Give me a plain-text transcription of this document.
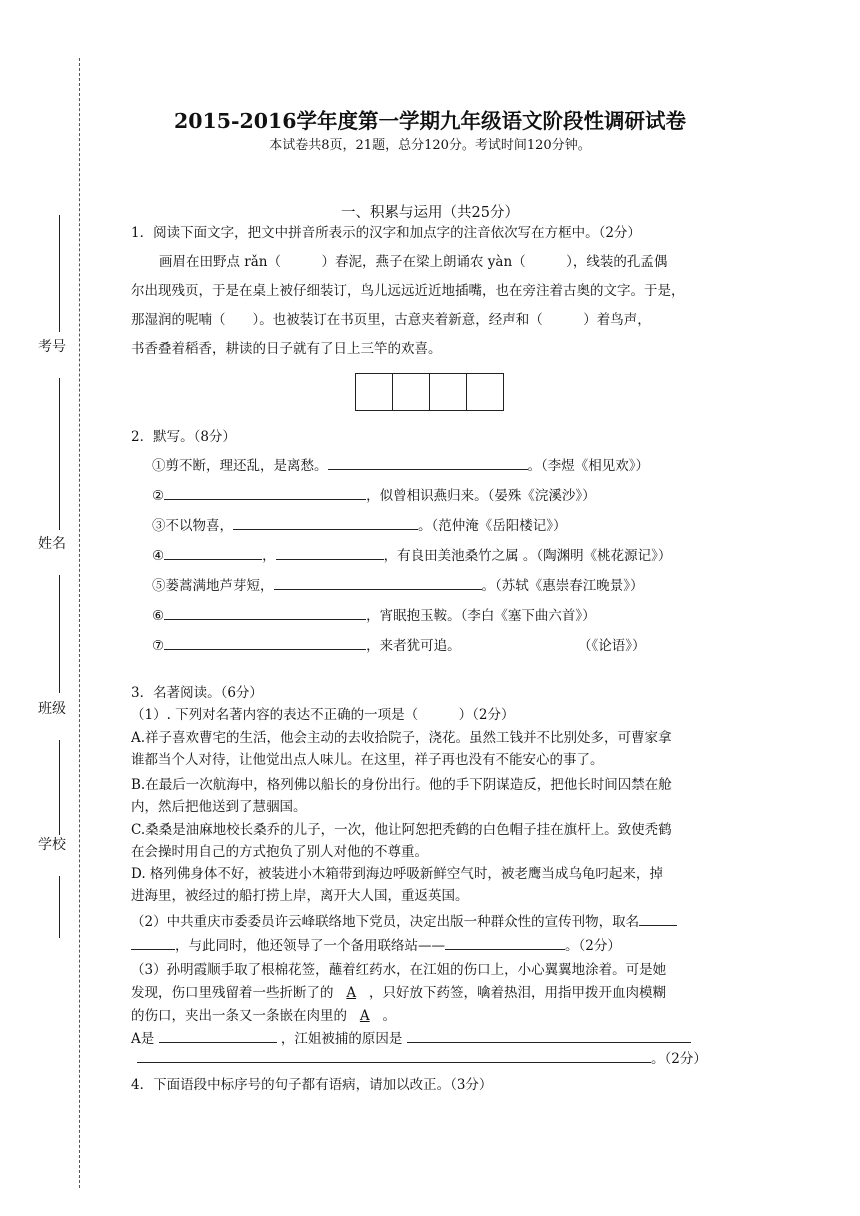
考号
姓名
班级
学校
2015-2016学年度第一学期九年级语文阶段性调研试卷
本试卷共8页，21题，总分120分。考试时间120分钟。
一、积累与运用（共25分）
1．阅读下面文字，把文中拼音所表示的汉字和加点字的注音依次写在方框中。（2分）
画眉在田野点 rǎn（　　　）春泥，燕子在梁上朗诵农 yàn（　　　），线装的孔孟偶
尔出现残页，于是在桌上被仔细装订，鸟儿远远近近地插嘴，也在旁注着古奥的文字。于是，
那湿润的呢喃（　　）。也被装订在书页里，古意夹着新意，经声和（　　　）着鸟声，
书香叠着稻香，耕读的日子就有了日上三竿的欢喜。
2．默写。（8分）
①剪不断，理还乱，是离愁。	。（李煜《相见欢》）
②	，似曾相识燕归来。（晏殊《浣溪沙》）
③不以物喜，	。（范仲淹《岳阳楼记》）
④	，	，有良田美池桑竹之属 。（陶渊明《桃花源记》）
⑤蒌蒿满地芦芽短，	。（苏轼《惠崇春江晚景》）
⑥	，宵眠抱玉鞍。（李白《塞下曲六首》）
⑦	，来者犹可追。	（《论语》）
3．名著阅读。（6分）
（1）. 下列对名著内容的表达不正确的一项是（　　　）（2分）
A.祥子喜欢曹宅的生活，他会主动的去收拾院子，浇花。虽然工钱并不比别处多，可曹家拿
谁都当个人对待，让他觉出点人味儿。在这里，祥子再也没有不能安心的事了。
B.在最后一次航海中，格列佛以船长的身份出行。他的手下阴谋造反，把他长时间囚禁在舱
内，然后把他送到了慧骃国。
C.桑桑是油麻地校长桑乔的儿子，一次，他让阿恕把秃鹤的白色帽子挂在旗杆上。致使秃鹤
在会操时用自己的方式抱负了别人对他的不尊重。
D. 格列佛身体不好，被装进小木箱带到海边呼吸新鲜空气时，被老鹰当成乌龟叼起来，掉
进海里，被经过的船打捞上岸，离开大人国，重返英国。
（2）中共重庆市委委员许云峰联络地下党员，决定出版一种群众性的宣传刊物，取名
，与此同时，他还领导了一个备用联络站——	。（2分）
（3）孙明霞顺手取了根棉花签，蘸着红药水，在江姐的伤口上，小心翼翼地涂着。可是她
发现，伤口里残留着一些折断了的 A ，只好放下药签，噙着热泪，用指甲拨开血肉模糊
的伤口，夹出一条又一条嵌在肉里的 A 。
A是	，江姐被捕的原因是
。（2分）
4．下面语段中标序号的句子都有语病，请加以改正。（3分）
